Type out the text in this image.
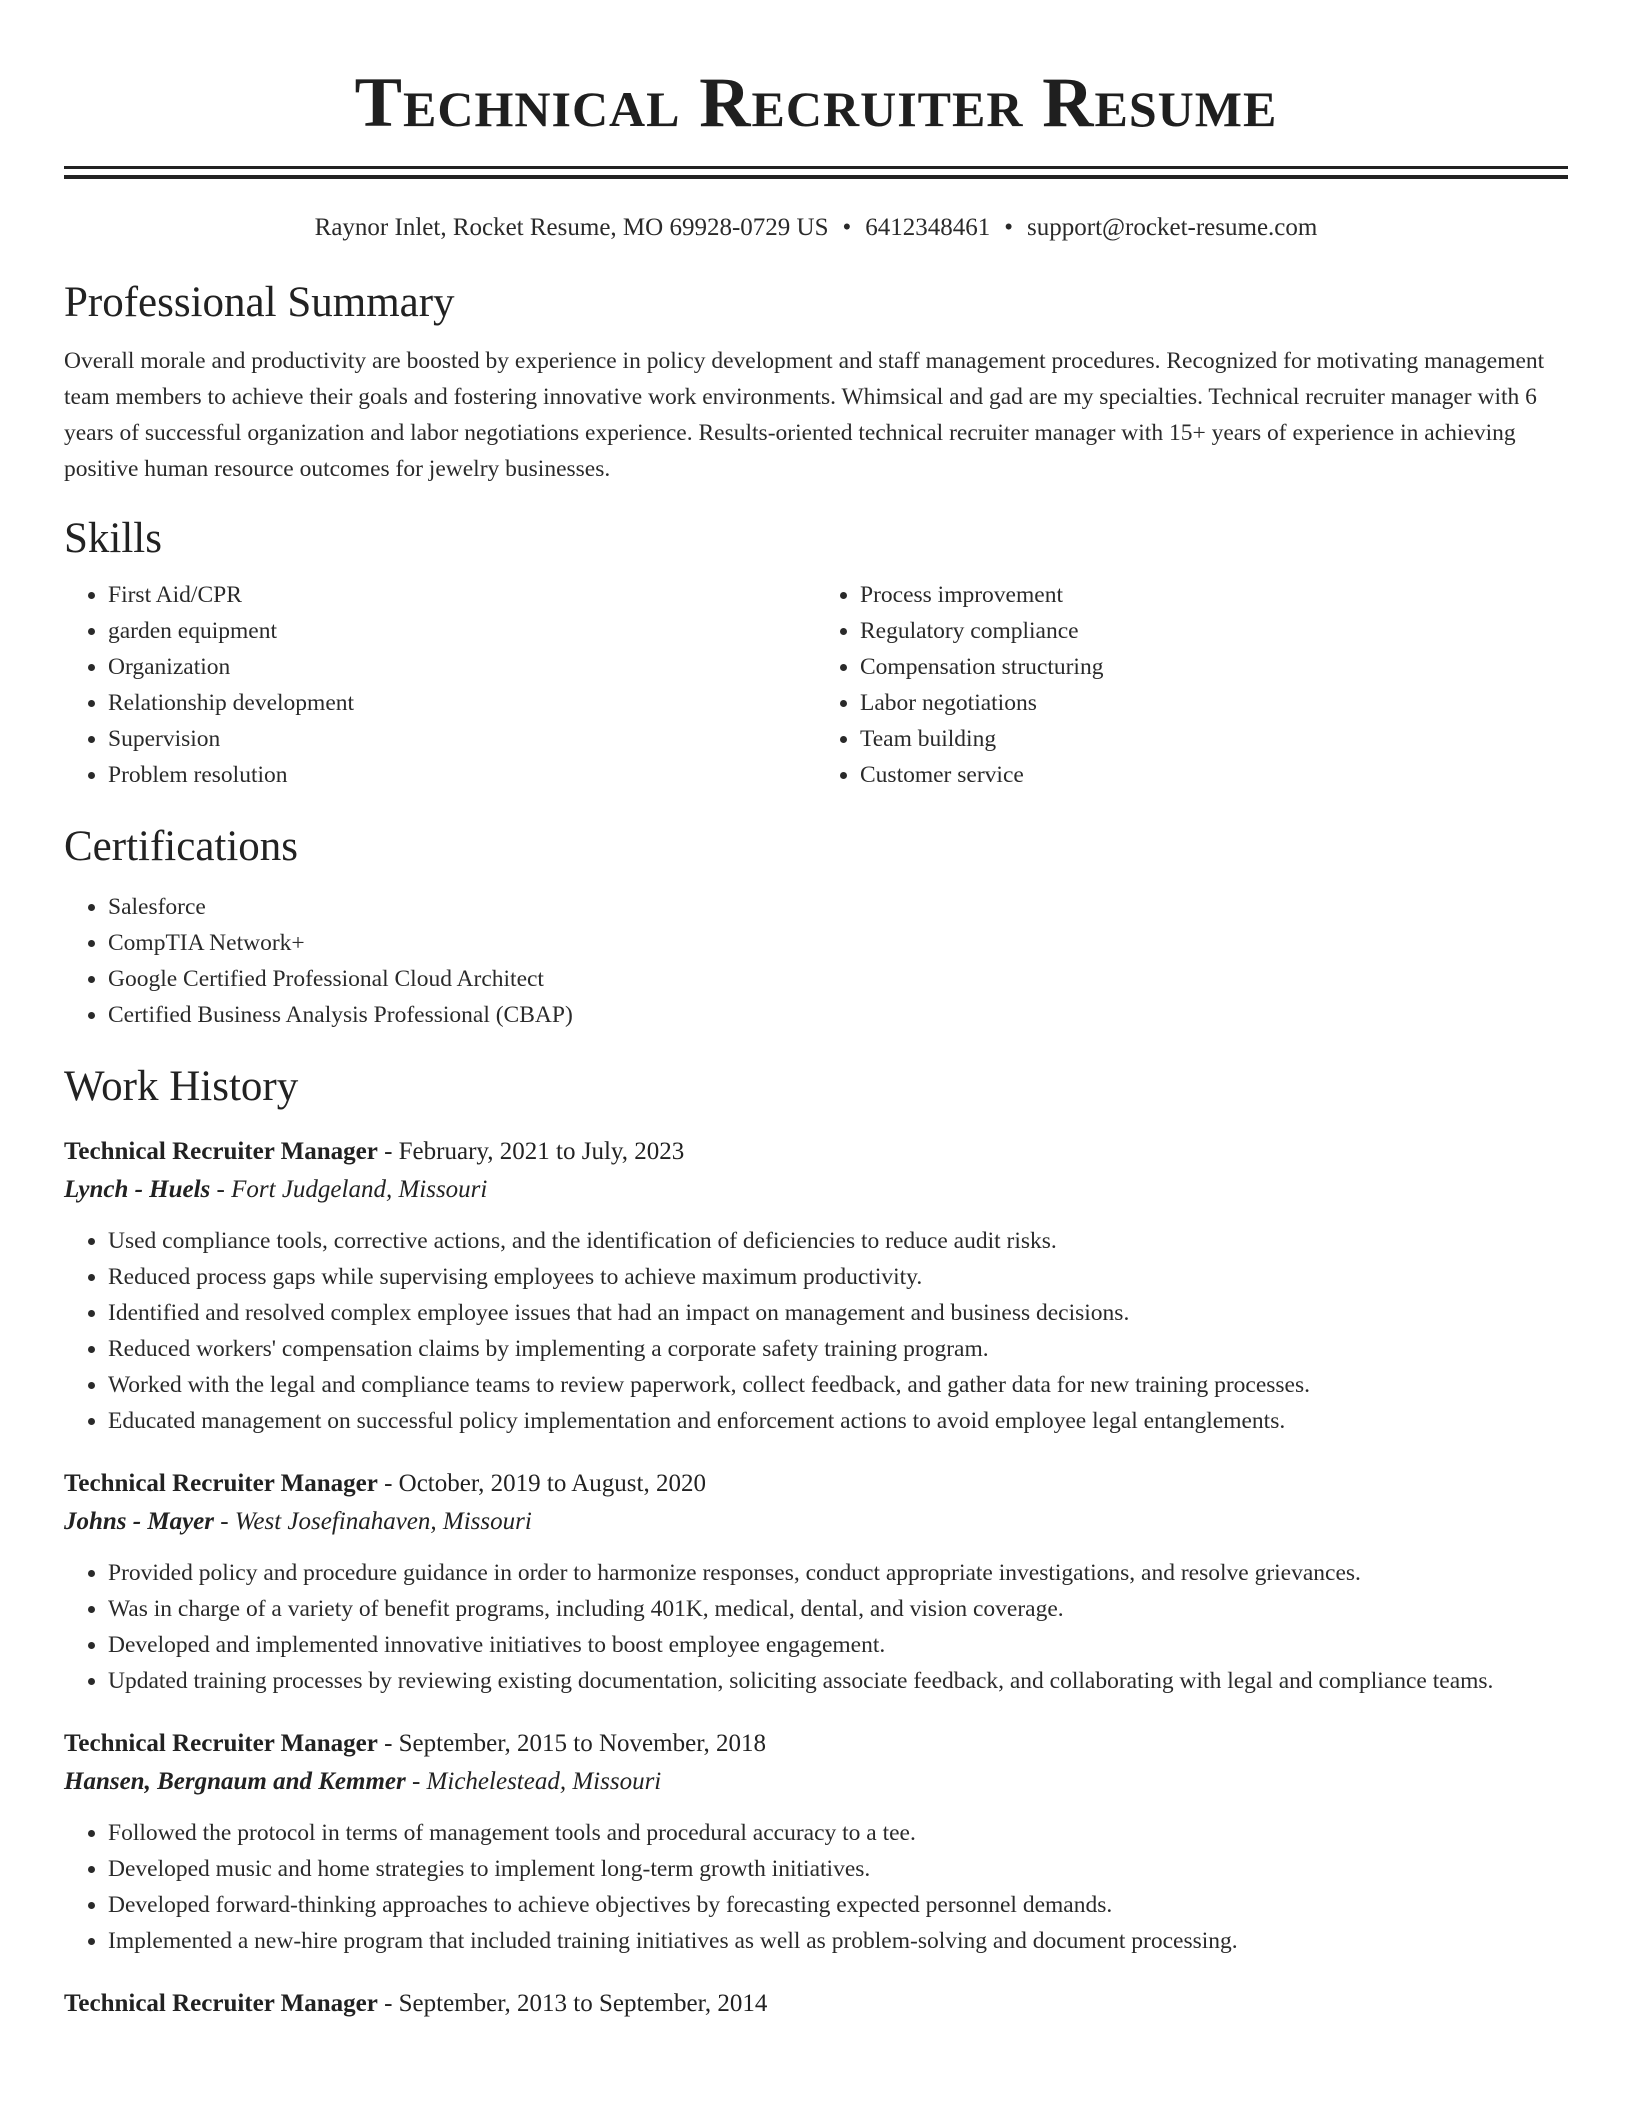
Technical Recruiter Resume
Raynor Inlet, Rocket Resume, MO 69928-0729 US • 6412348461 • support@rocket-resume.com
Professional Summary

Overall morale and productivity are boosted by experience in policy development and staff management procedures. Recognized for motivating management team members to achieve their goals and fostering innovative work environments. Whimsical and gad are my specialties. Technical recruiter manager with 6 years of successful organization and labor negotiations experience. Results-oriented technical recruiter manager with 15+ years of experience in achieving positive human resource outcomes for jewelry businesses.

Skills
• First Aid/CPR
• garden equipment
• Organization
• Relationship development
• Supervision
• Problem resolution
• Process improvement
• Regulatory compliance
• Compensation structuring
• Labor negotiations
• Team building
• Customer service
Certifications
• Salesforce
• CompTIA Network+
• Google Certified Professional Cloud Architect
• Certified Business Analysis Professional (CBAP)
Work History
Technical Recruiter Manager - February, 2021 to July, 2023
Lynch - Huels - Fort Judgeland, Missouri
• Used compliance tools, corrective actions, and the identification of deficiencies to reduce audit risks.
• Reduced process gaps while supervising employees to achieve maximum productivity.
• Identified and resolved complex employee issues that had an impact on management and business decisions.
• Reduced workers' compensation claims by implementing a corporate safety training program.
• Worked with the legal and compliance teams to review paperwork, collect feedback, and gather data for new training processes.
• Educated management on successful policy implementation and enforcement actions to avoid employee legal entanglements.
Technical Recruiter Manager - October, 2019 to August, 2020
Johns - Mayer - West Josefinahaven, Missouri
• Provided policy and procedure guidance in order to harmonize responses, conduct appropriate investigations, and resolve grievances.
• Was in charge of a variety of benefit programs, including 401K, medical, dental, and vision coverage.
• Developed and implemented innovative initiatives to boost employee engagement.
• Updated training processes by reviewing existing documentation, soliciting associate feedback, and collaborating with legal and compliance teams.
Technical Recruiter Manager - September, 2015 to November, 2018
Hansen, Bergnaum and Kemmer - Michelestead, Missouri
• Followed the protocol in terms of management tools and procedural accuracy to a tee.
• Developed music and home strategies to implement long-term growth initiatives.
• Developed forward-thinking approaches to achieve objectives by forecasting expected personnel demands.
• Implemented a new-hire program that included training initiatives as well as problem-solving and document processing.
Technical Recruiter Manager - September, 2013 to September, 2014
